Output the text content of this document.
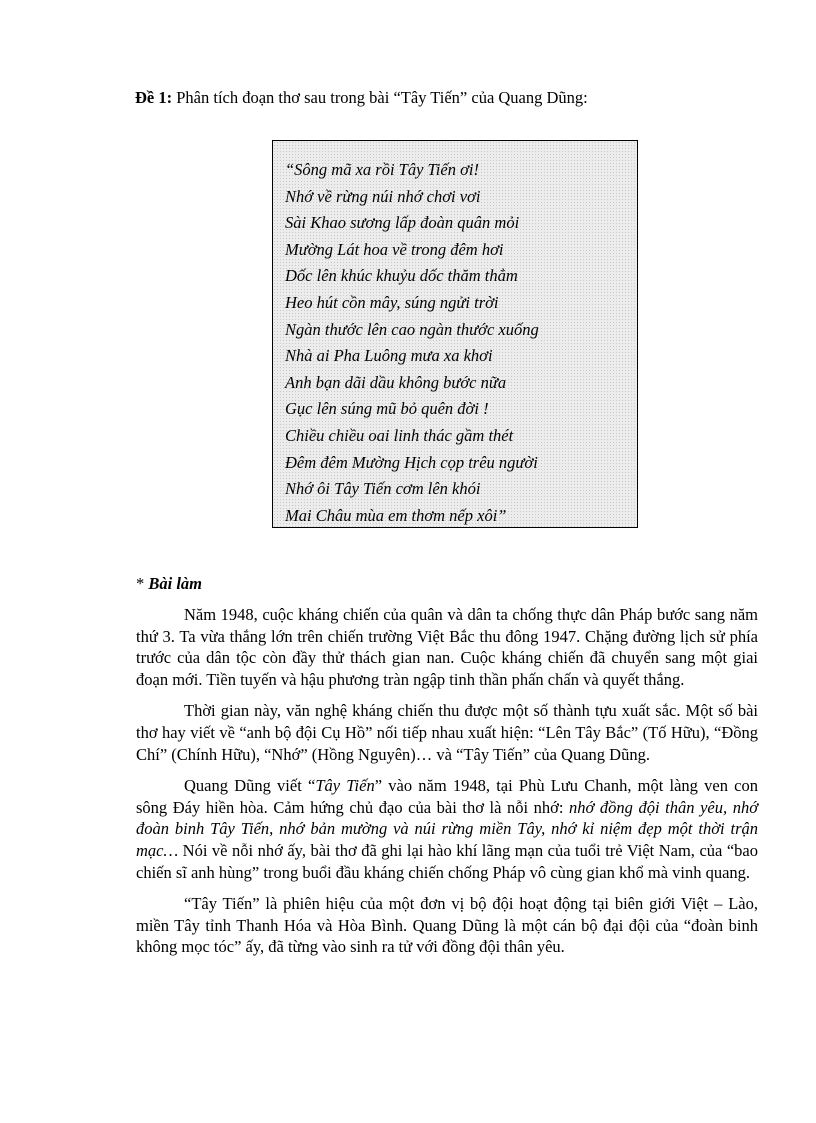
Đề 1: Phân tích đoạn thơ sau trong bài “Tây Tiến” của Quang Dũng:
“Sông mã xa rồi Tây Tiến ơi!
Nhớ về rừng núi nhớ chơi vơi
Sài Khao sương lấp đoàn quân mỏi
Mường Lát hoa về trong đêm hơi
Dốc lên khúc khuỷu dốc thăm thẳm
Heo hút cồn mây, súng ngửi trời
Ngàn thước lên cao ngàn thước xuống
Nhà ai Pha Luông mưa xa khơi
Anh bạn dãi dầu không bước nữa
Gục lên súng mũ bỏ quên đời !
Chiều chiều oai linh thác gầm thét
Đêm đêm Mường Hịch cọp trêu người
Nhớ ôi Tây Tiến cơm lên khói
Mai Châu mùa em thơm nếp xôi”
* Bài làm

Năm 1948, cuộc kháng chiến của quân và dân ta chống thực dân Pháp bước sang năm thứ 3. Ta vừa thắng lớn trên chiến trường Việt Bắc thu đông 1947. Chặng đường lịch sử phía trước của dân tộc còn đầy thử thách gian nan. Cuộc kháng chiến đã chuyển sang một giai đoạn mới. Tiền tuyến và hậu phương tràn ngập tinh thần phấn chấn và quyết thắng.

Thời gian này, văn nghệ kháng chiến thu được một số thành tựu xuất sắc. Một số bài thơ hay viết về “anh bộ đội Cụ Hồ” nối tiếp nhau xuất hiện: “Lên Tây Bắc” (Tố Hữu), “Đồng Chí” (Chính Hữu), “Nhớ” (Hồng Nguyên)… và “Tây Tiến” của Quang Dũng.

Quang Dũng viết “Tây Tiến” vào năm 1948, tại Phù Lưu Chanh, một làng ven con sông Đáy hiền hòa. Cảm hứng chủ đạo của bài thơ là nỗi nhớ: nhớ đồng đội thân yêu, nhớ đoàn binh Tây Tiến, nhớ bản mường và núi rừng miền Tây, nhớ kỉ niệm đẹp một thời trận mạc… Nói về nỗi nhớ ấy, bài thơ đã ghi lại hào khí lãng mạn của tuổi trẻ Việt Nam, của “bao chiến sĩ anh hùng” trong buổi đầu kháng chiến chống Pháp vô cùng gian khổ mà vinh quang.

“Tây Tiến” là phiên hiệu của một đơn vị bộ đội hoạt động tại biên giới Việt – Lào, miền Tây tỉnh Thanh Hóa và Hòa Bình. Quang Dũng là một cán bộ đại đội của “đoàn binh không mọc tóc” ấy, đã từng vào sinh ra tử với đồng đội thân yêu.
